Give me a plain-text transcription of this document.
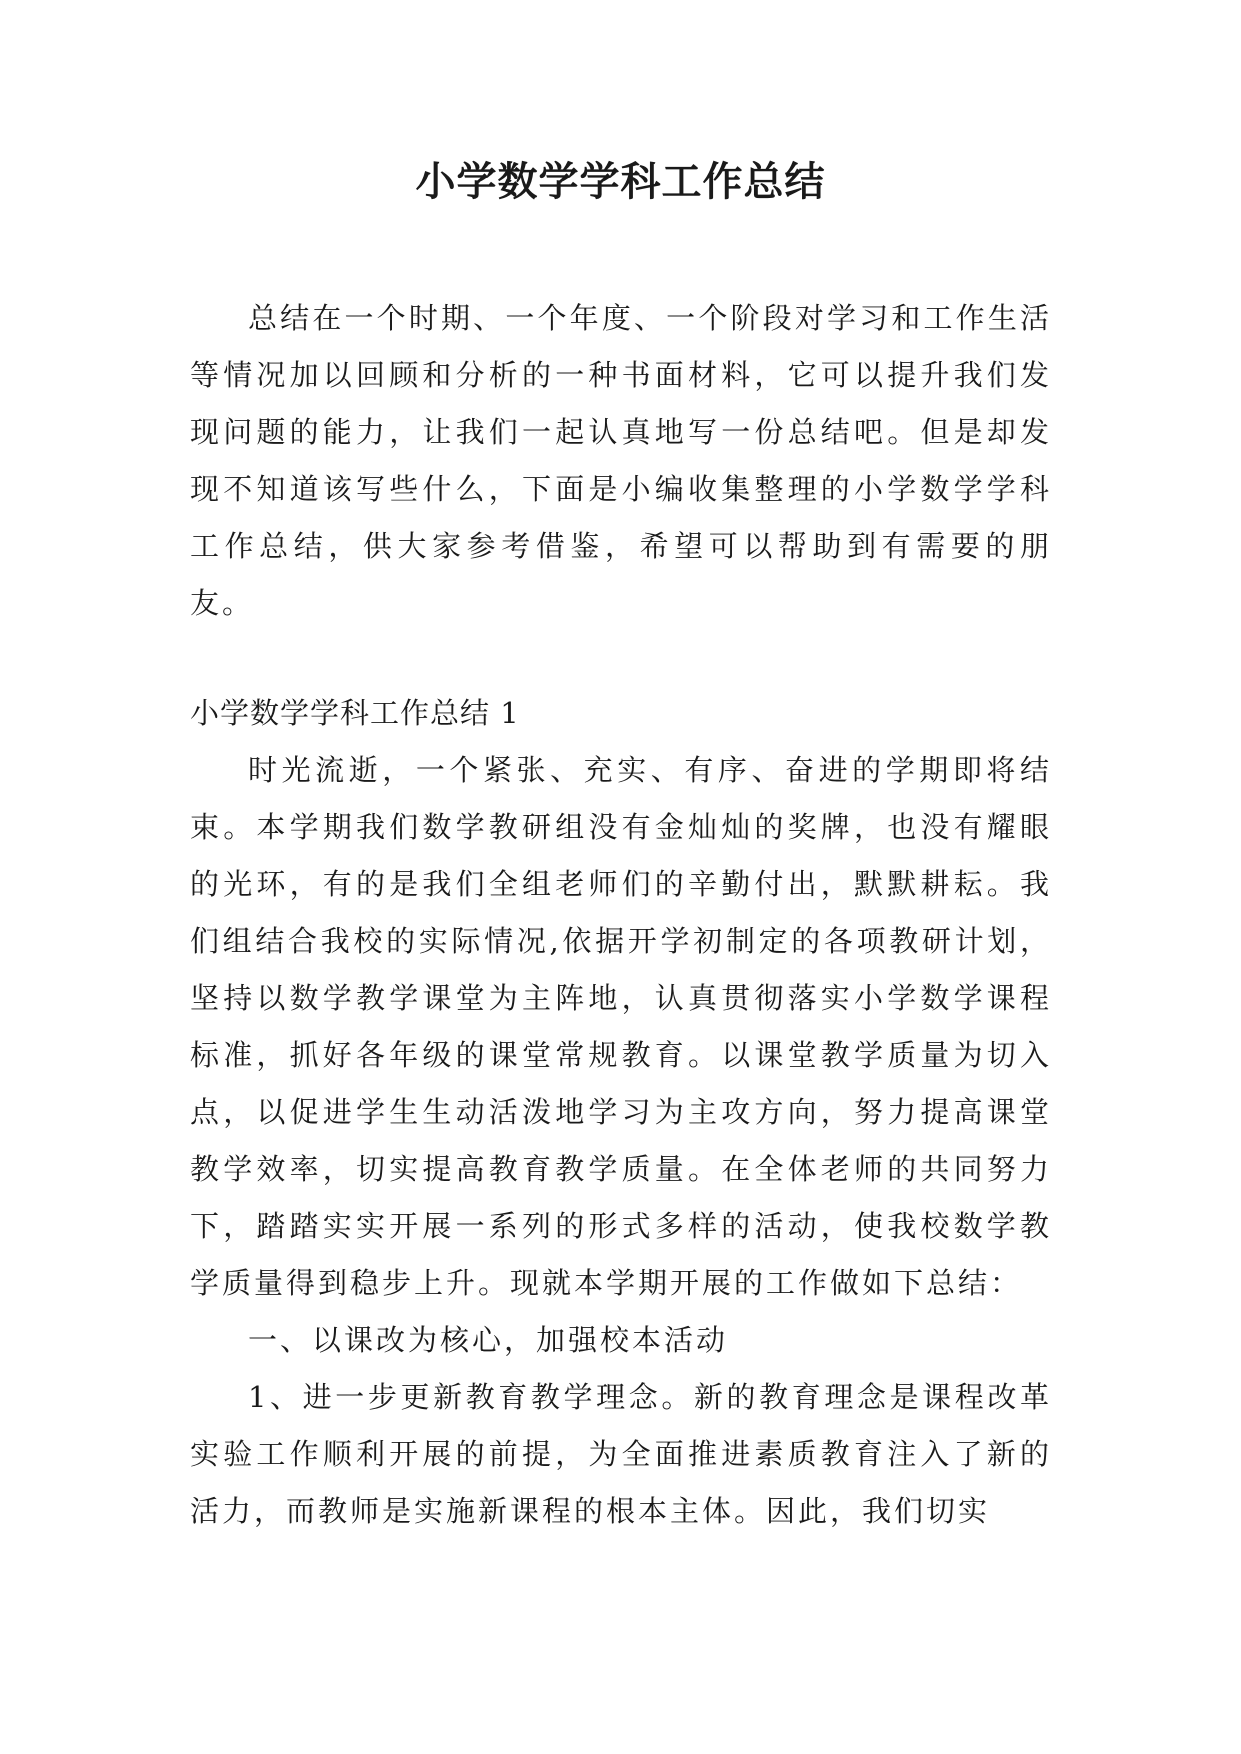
小学数学学科工作总结

总结在一个时期、一个年度、一个阶段对学习和工作生活等情况加以回顾和分析的一种书面材料，它可以提升我们发现问题的能力，让我们一起认真地写一份总结吧。但是却发现不知道该写些什么，下面是小编收集整理的小学数学学科工作总结，供大家参考借鉴，希望可以帮助到有需要的朋友。

小学数学学科工作总结 1

时光流逝，一个紧张、充实、有序、奋进的学期即将结束。本学期我们数学教研组没有金灿灿的奖牌，也没有耀眼的光环，有的是我们全组老师们的辛勤付出，默默耕耘。我们组结合我校的实际情况,依据开学初制定的各项教研计划，坚持以数学教学课堂为主阵地，认真贯彻落实小学数学课程标准，抓好各年级的课堂常规教育。以课堂教学质量为切入点，以促进学生生动活泼地学习为主攻方向，努力提高课堂教学效率，切实提高教育教学质量。在全体老师的共同努力下，踏踏实实开展一系列的形式多样的活动，使我校数学教学质量得到稳步上升。现就本学期开展的工作做如下总结：

一、以课改为核心，加强校本活动

1、进一步更新教育教学理念。新的教育理念是课程改革实验工作顺利开展的前提，为全面推进素质教育注入了新的活力，而教师是实施新课程的根本主体。因此，我们切实
